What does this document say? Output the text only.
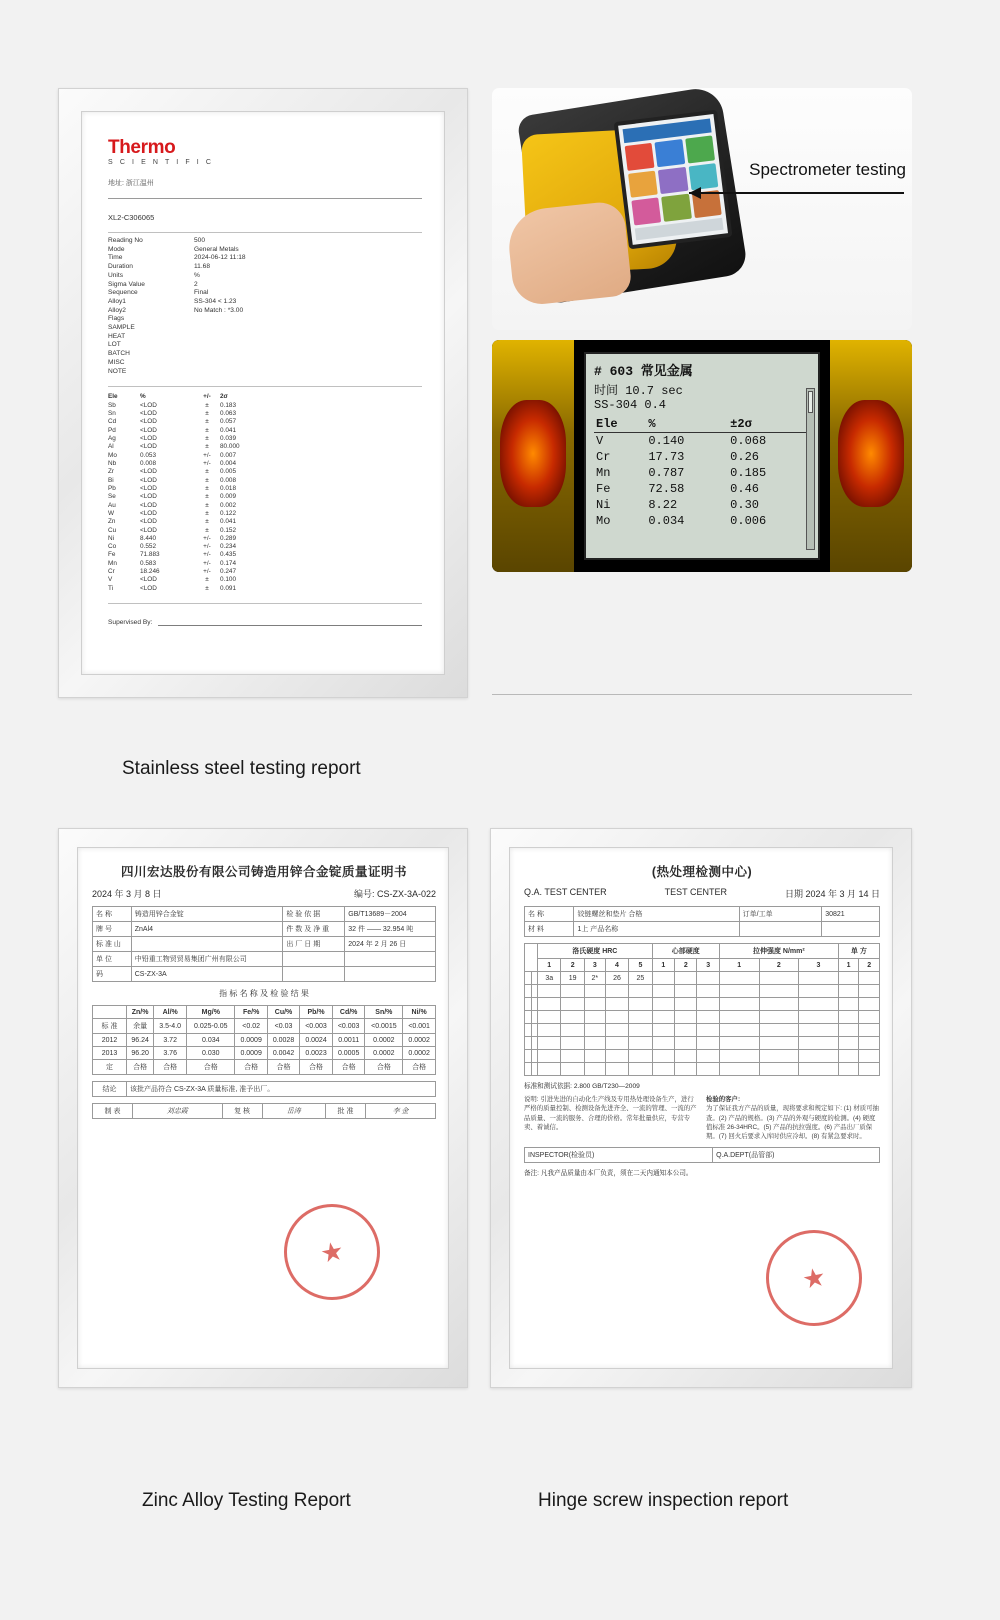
Thermo
S C I E N T I F I C
地址: 浙江温州
XL2-C306065
Reading No	500
Mode	General Metals
Time	2024-06-12 11:18
Duration	11.68
Units	%
Sigma Value	2
Sequence	Final
Alloy1	SS-304 < 1.23
Alloy2	No Match : *3.00
Flags
SAMPLE
HEAT
LOT
BATCH
MISC
NOTE
Ele	%	+/-	2σ
Sb	<LOD	±	0.183
Sn	<LOD	±	0.063
Cd	<LOD	±	0.057
Pd	<LOD	±	0.041
Ag	<LOD	±	0.039
Al	<LOD	±	80.000
Mo	0.053	+/-	0.007
Nb	0.008	+/-	0.004
Zr	<LOD	±	0.005
Bi	<LOD	±	0.008
Pb	<LOD	±	0.018
Se	<LOD	±	0.009
Au	<LOD	±	0.002
W	<LOD	±	0.122
Zn	<LOD	±	0.041
Cu	<LOD	±	0.152
Ni	8.440	+/-	0.289
Co	0.552	+/-	0.234
Fe	71.883	+/-	0.435
Mn	0.583	+/-	0.174
Cr	18.246	+/-	0.247
V	<LOD	±	0.100
Ti	<LOD	±	0.091
Supervised By:
Spectrometer testing
# 603 常见金属
时间 10.7 sec
SS-304 0.4
Ele	%	±2σ
V	0.140	0.068
Cr	17.73	0.26
Mn	0.787	0.185
Fe	72.58	0.46
Ni	8.22	0.30
Mo	0.034	0.006
Stainless steel testing report
四川宏达股份有限公司铸造用锌合金锭质量证明书
2024 年 3 月 8 日	编号: CS-ZX-3A-022
名 称	铸造用锌合金锭	检 验 依 据	GB/T13689－2004
牌 号	ZnAl4	件 数 及 净 重	32 件 —— 32.954 吨
标 准 山		出 厂 日 期	2024 年 2 月 26 日
单 位	中铅重工物贸贸易集团广州有限公司		
码	CS-ZX-3A		
指 标 名 称 及 检 验 结 果
	Zn/%	Al/%	Mg/%	Fe/%	Cu/%	Pb/%	Cd/%	Sn/%	Ni/%
标 准	余量	3.5-4.0	0.025-0.05	<0.02	<0.03	<0.003	<0.003	<0.0015	<0.001
2012	96.24	3.72	0.034	0.0009	0.0028	0.0024	0.0011	0.0002	0.0002
2013	96.20	3.76	0.030	0.0009	0.0042	0.0023	0.0005	0.0002	0.0002
定	合格	合格	合格	合格	合格	合格	合格	合格	合格
结论	该批产品符合 CS-ZX-3A 质量标准, 准予出厂。
制 表	刘忠霞	复 核	岳涛	批 准	李 金
★
(热处理检测中心)
Q.A. TEST CENTER	TEST CENTER	日期 2024 年 3 月 14 日
名 称	铰链螺丝和垫片 合格	订单/工单	30821
材 料	1上 产品名称		
		洛氏硬度 HRC					心部硬度			拉伸强度 N/mm²			单 方	
		1	2	3	4	5	1	2	3	1	2	3	1	2
		3a	19	2*	26	25								

标准和测试依据: 2.800 GB/T230—2009
说明: 引进先进的自动化生产线及专用热处理设备生产，进行 严格的质量控制、检测设备先进齐全、一流的管理、一流的产品质量、一流的服务、合理的价格。常年批量供应，专营专卖、着诚信。
检验的客户:
为了保证我方产品的质量，现将要求和规定如下: (1) 材质可抽查。(2) 产品的规格。(3) 产品的外观与硬度的检测。(4) 硬度值标准 26-34HRC。(5) 产品的抗拉强度。(6) 产品出厂质保期。(7) 回火后要求入库时供应冷却。(8) 有紧急要求时。
INSPECTOR(检验员)	Q.A.DEPT(品管部)
备注: 凡我产品质量由本厂负责，须在二天内通知本公司。
★
Zinc Alloy Testing Report	Hinge screw inspection report
